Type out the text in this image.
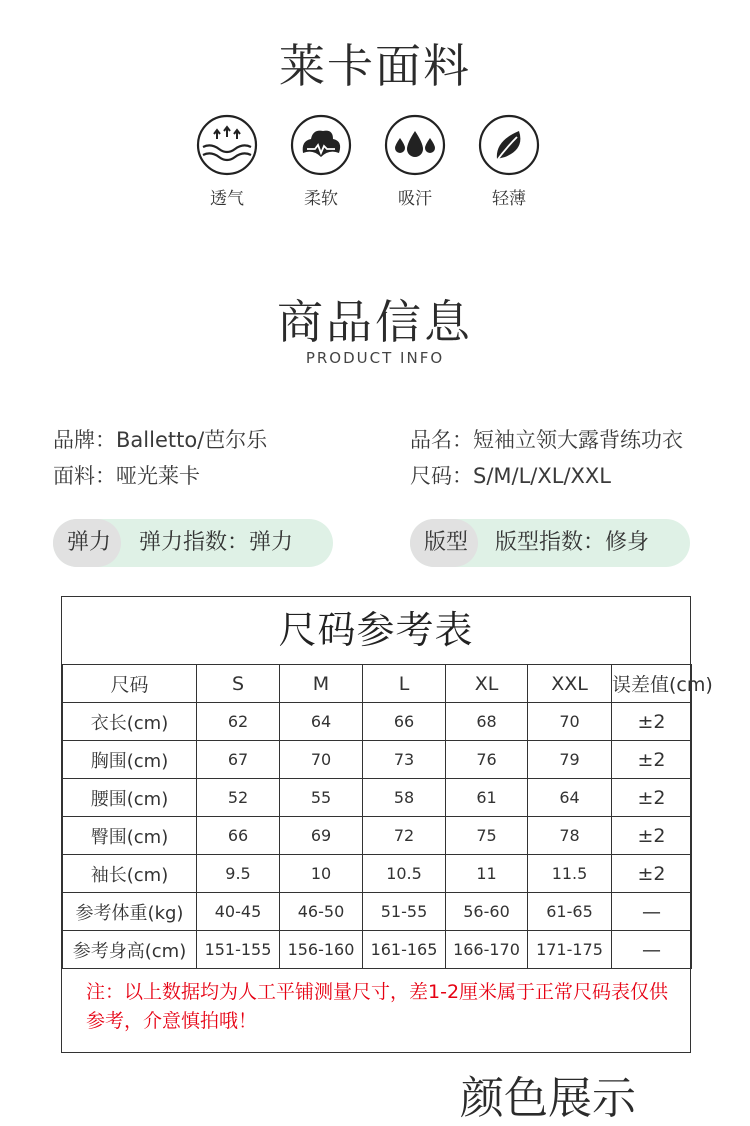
莱卡面料
透气	柔软	吸汗	轻薄
商品信息
PRODUCT INFO
品牌：Balletto/芭尔乐	品名：短袖立领大露背练功衣
面料：哑光莱卡	尺码：S/M/L/XL/XXL
弹力	弹力指数：弹力	版型	版型指数：修身
尺码参考表
尺码	S	M	L	XL	XXL	误差值(cm)
衣长(cm)	62	64	66	68	70	±2
胸围(cm)	67	70	73	76	79	±2
腰围(cm)	52	55	58	61	64	±2
臀围(cm)	66	69	72	75	78	±2
袖长(cm)	9.5	10	10.5	11	11.5	±2
参考体重(kg)	40-45	46-50	51-55	56-60	61-65	—
参考身高(cm)	151-155	156-160	161-165	166-170	171-175	—
注：以上数据均为人工平铺测量尺寸，差1-2厘米属于正常尺码表仅供参考，介意慎拍哦！
颜色展示
